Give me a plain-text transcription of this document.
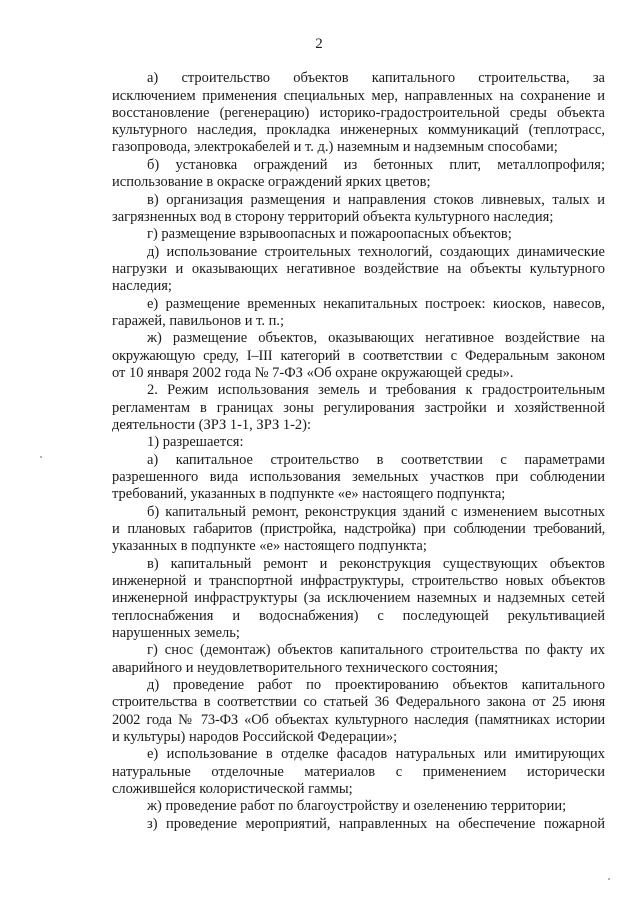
2
а)  строительство  объектов  капитального  строительства,  за
исключением применения специальных мер, направленных на сохранение и
восстановление (регенерацию) историко-градостроительной среды объекта
культурного наследия, прокладка инженерных коммуникаций (теплотрасс,
газопровода, электрокабелей и т. д.) наземным и надземным способами;
б)  установка  ограждений  из  бетонных  плит,  металлопрофиля;
использование в окраске ограждений ярких цветов;
в) организация размещения и направления стоков ливневых, талых и
загрязненных вод в сторону территорий объекта культурного наследия;
г) размещение взрывоопасных и пожароопасных объектов;
д) использование строительных технологий, создающих динамические
нагрузки и оказывающих негативное воздействие на объекты культурного
наследия;
е) размещение временных некапитальных построек: киосков, навесов,
гаражей, павильонов и т. п.;
ж) размещение объектов, оказывающих негативное воздействие на
окружающую среду, I–III категорий в соответствии с Федеральным законом
от 10 января 2002 года № 7-ФЗ «Об охране окружающей среды».
2. Режим использования земель и требования к градостроительным
регламентам в границах зоны регулирования застройки и хозяйственной
деятельности (ЗРЗ 1-1, ЗРЗ 1-2):
1) разрешается:
а)  капитальное  строительство  в  соответствии  с  параметрами
разрешенного вида использования земельных участков при соблюдении
требований, указанных в подпункте «е» настоящего подпункта;
б) капитальный ремонт, реконструкция зданий с изменением высотных
и плановых габаритов (пристройка, надстройка) при соблюдении требований,
указанных в подпункте «е» настоящего подпункта;
в) капитальный ремонт и реконструкция существующих объектов
инженерной и транспортной инфраструктуры, строительство новых объектов
инженерной инфраструктуры (за исключением наземных и надземных сетей
теплоснабжения  и  водоснабжения)  с  последующей  рекультивацией
нарушенных земель;
г) снос (демонтаж) объектов капитального строительства по факту их
аварийного и неудовлетворительного технического состояния;
д) проведение работ по проектированию объектов капитального
строительства в соответствии со статьей 36 Федерального закона от 25 июня
2002 года № 73-ФЗ «Об объектах культурного наследия (памятниках истории
и культуры) народов Российской Федерации»;
е) использование в отделке фасадов натуральных или имитирующих
натуральные   отделочные   материалов   с   применением   исторически
сложившейся колористической гаммы;
ж) проведение работ по благоустройству и озеленению территории;
з) проведение мероприятий, направленных на обеспечение пожарной
